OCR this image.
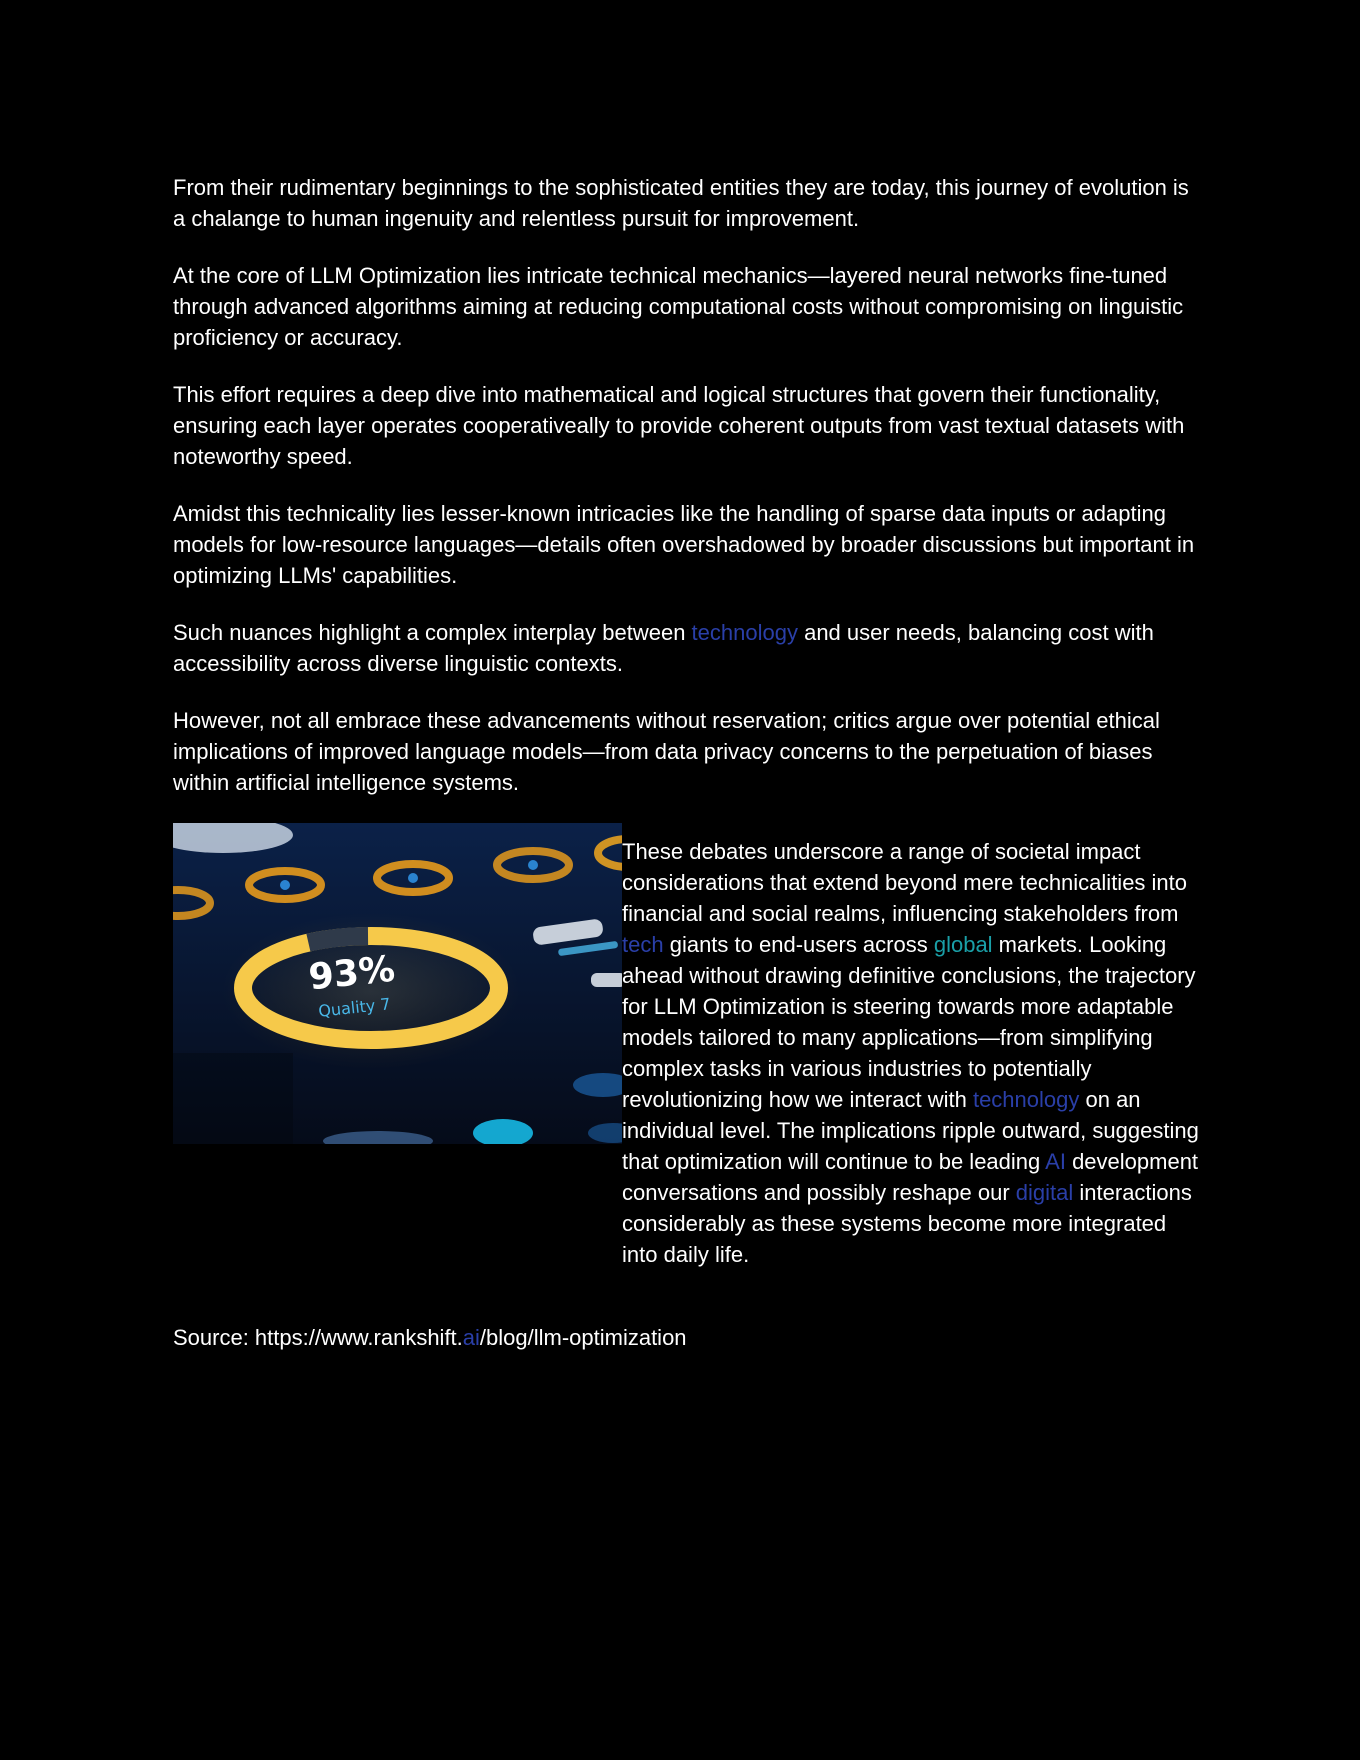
From their rudimentary beginnings to the sophisticated entities they are today, this journey of evolution is a chalange to human ingenuity and relentless pursuit for improvement.

At the core of LLM Optimization lies intricate technical mechanics—layered neural networks fine-tuned through advanced algorithms aiming at reducing computational costs without compromising on linguistic proficiency or accuracy.

This effort requires a deep dive into mathematical and logical structures that govern their functionality, ensuring each layer operates cooperativeally to provide coherent outputs from vast textual datasets with noteworthy speed.

Amidst this technicality lies lesser-known intricacies like the handling of sparse data inputs or adapting models for low-resource languages—details often overshadowed by broader discussions but important in optimizing LLMs' capabilities.

Such nuances highlight a complex interplay between technology and user needs, balancing cost with accessibility across diverse linguistic contexts.

However, not all embrace these advancements without reservation; critics argue over potential ethical implications of improved language models—from data privacy concerns to the perpetuation of biases within artificial intelligence systems.

93%
Quality 7

These debates underscore a range of societal impact considerations that extend beyond mere technicalities into financial and social realms, influencing stakeholders from tech giants to end-users across global markets. Looking ahead without drawing definitive conclusions, the trajectory for LLM Optimization is steering towards more adaptable models tailored to many applications—from simplifying complex tasks in various industries to potentially revolutionizing how we interact with technology on an individual level. The implications ripple outward, suggesting that optimization will continue to be leading AI development conversations and possibly reshape our digital interactions considerably as these systems become more integrated into daily life.

Source: https://www.rankshift.ai/blog/llm-optimization
